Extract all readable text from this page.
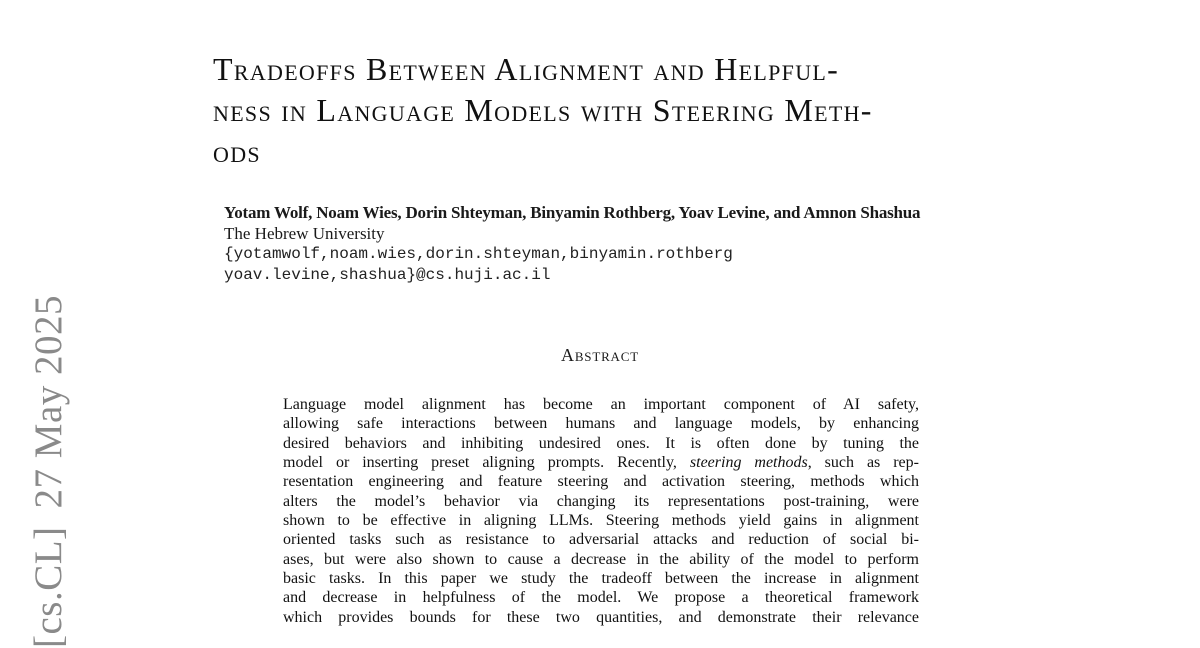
[cs.CL]27 May 2025
Tradeoffs Between Alignment and Helpful-
ness in Language Models with Steering Meth-
ods
Yotam Wolf, Noam Wies, Dorin Shteyman, Binyamin Rothberg, Yoav Levine, and Amnon Shashua
The Hebrew University
{yotamwolf,noam.wies,dorin.shteyman,binyamin.rothberg
yoav.levine,shashua}@cs.huji.ac.il
Abstract
Language model alignment has become an important component of AI safety,
allowing safe interactions between humans and language models, by enhancing
desired behaviors and inhibiting undesired ones. It is often done by tuning the
model or inserting preset aligning prompts. Recently, steering methods, such as rep-
resentation engineering and feature steering and activation steering, methods which
alters the model’s behavior via changing its representations post-training, were
shown to be effective in aligning LLMs. Steering methods yield gains in alignment
oriented tasks such as resistance to adversarial attacks and reduction of social bi-
ases, but were also shown to cause a decrease in the ability of the model to perform
basic tasks. In this paper we study the tradeoff between the increase in alignment
and decrease in helpfulness of the model. We propose a theoretical framework
which provides bounds for these two quantities, and demonstrate their relevance
